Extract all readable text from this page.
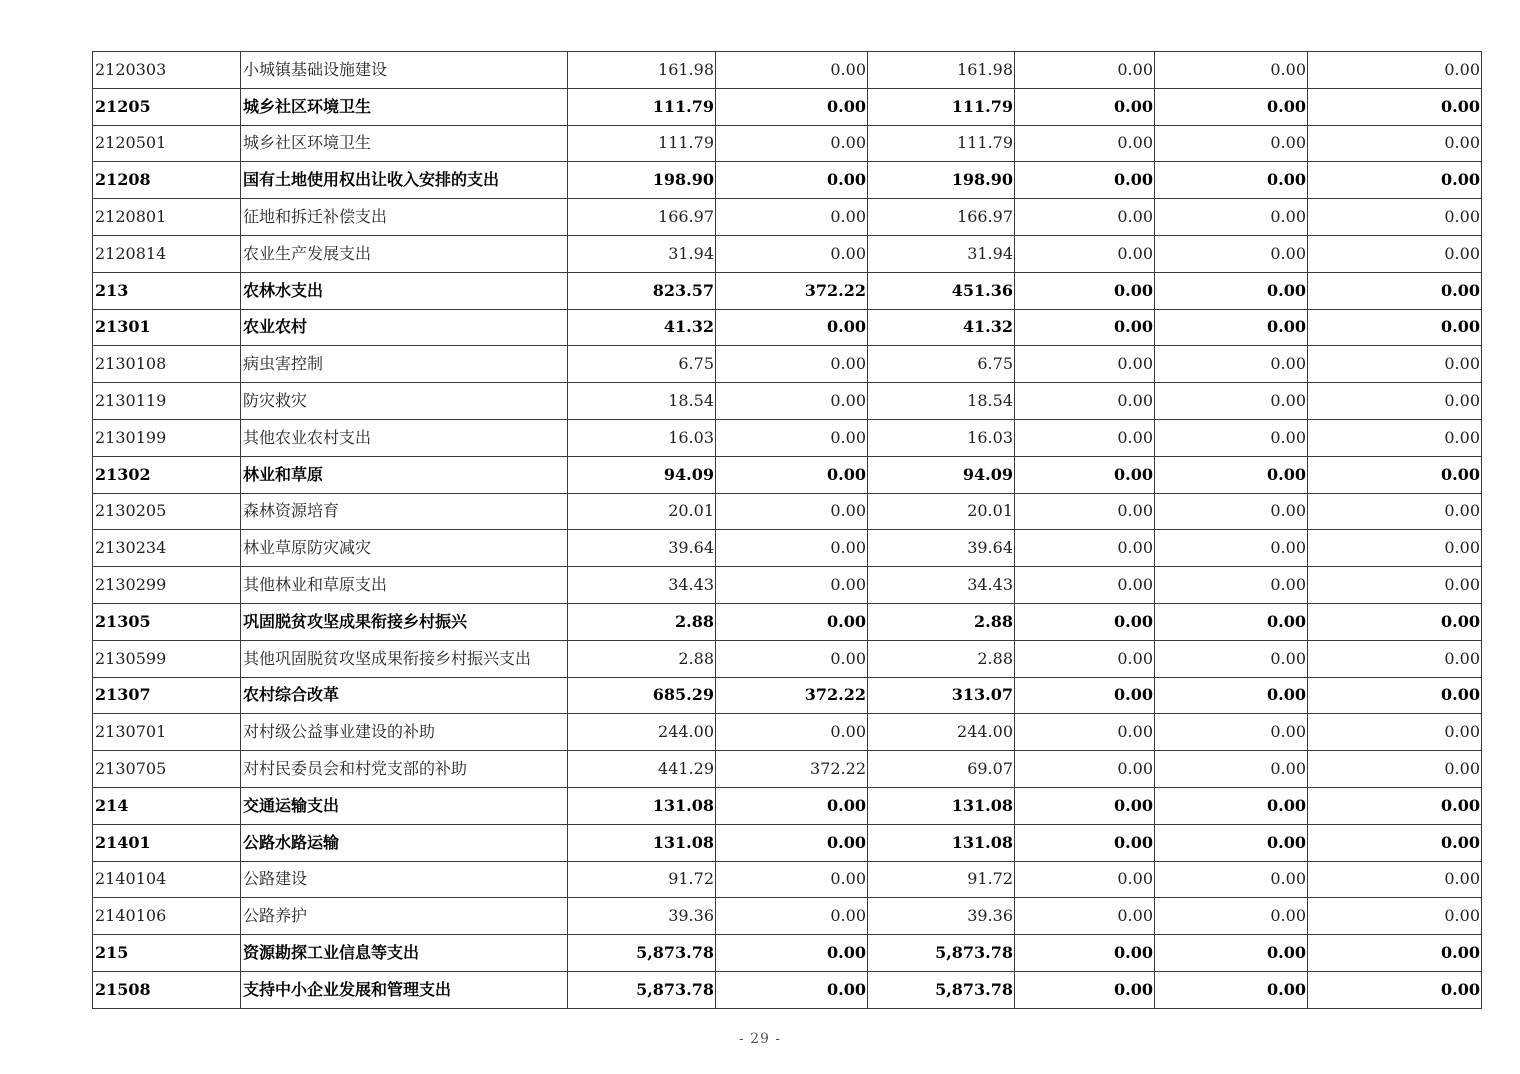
2120303	小城镇基础设施建设	161.98	0.00	161.98	0.00	0.00	0.00
21205	城乡社区环境卫生	111.79	0.00	111.79	0.00	0.00	0.00
2120501	城乡社区环境卫生	111.79	0.00	111.79	0.00	0.00	0.00
21208	国有土地使用权出让收入安排的支出	198.90	0.00	198.90	0.00	0.00	0.00
2120801	征地和拆迁补偿支出	166.97	0.00	166.97	0.00	0.00	0.00
2120814	农业生产发展支出	31.94	0.00	31.94	0.00	0.00	0.00
213	农林水支出	823.57	372.22	451.36	0.00	0.00	0.00
21301	农业农村	41.32	0.00	41.32	0.00	0.00	0.00
2130108	病虫害控制	6.75	0.00	6.75	0.00	0.00	0.00
2130119	防灾救灾	18.54	0.00	18.54	0.00	0.00	0.00
2130199	其他农业农村支出	16.03	0.00	16.03	0.00	0.00	0.00
21302	林业和草原	94.09	0.00	94.09	0.00	0.00	0.00
2130205	森林资源培育	20.01	0.00	20.01	0.00	0.00	0.00
2130234	林业草原防灾减灾	39.64	0.00	39.64	0.00	0.00	0.00
2130299	其他林业和草原支出	34.43	0.00	34.43	0.00	0.00	0.00
21305	巩固脱贫攻坚成果衔接乡村振兴	2.88	0.00	2.88	0.00	0.00	0.00
2130599	其他巩固脱贫攻坚成果衔接乡村振兴支出	2.88	0.00	2.88	0.00	0.00	0.00
21307	农村综合改革	685.29	372.22	313.07	0.00	0.00	0.00
2130701	对村级公益事业建设的补助	244.00	0.00	244.00	0.00	0.00	0.00
2130705	对村民委员会和村党支部的补助	441.29	372.22	69.07	0.00	0.00	0.00
214	交通运输支出	131.08	0.00	131.08	0.00	0.00	0.00
21401	公路水路运输	131.08	0.00	131.08	0.00	0.00	0.00
2140104	公路建设	91.72	0.00	91.72	0.00	0.00	0.00
2140106	公路养护	39.36	0.00	39.36	0.00	0.00	0.00
215	资源勘探工业信息等支出	5,873.78	0.00	5,873.78	0.00	0.00	0.00
21508	支持中小企业发展和管理支出	5,873.78	0.00	5,873.78	0.00	0.00	0.00
- 29 -
